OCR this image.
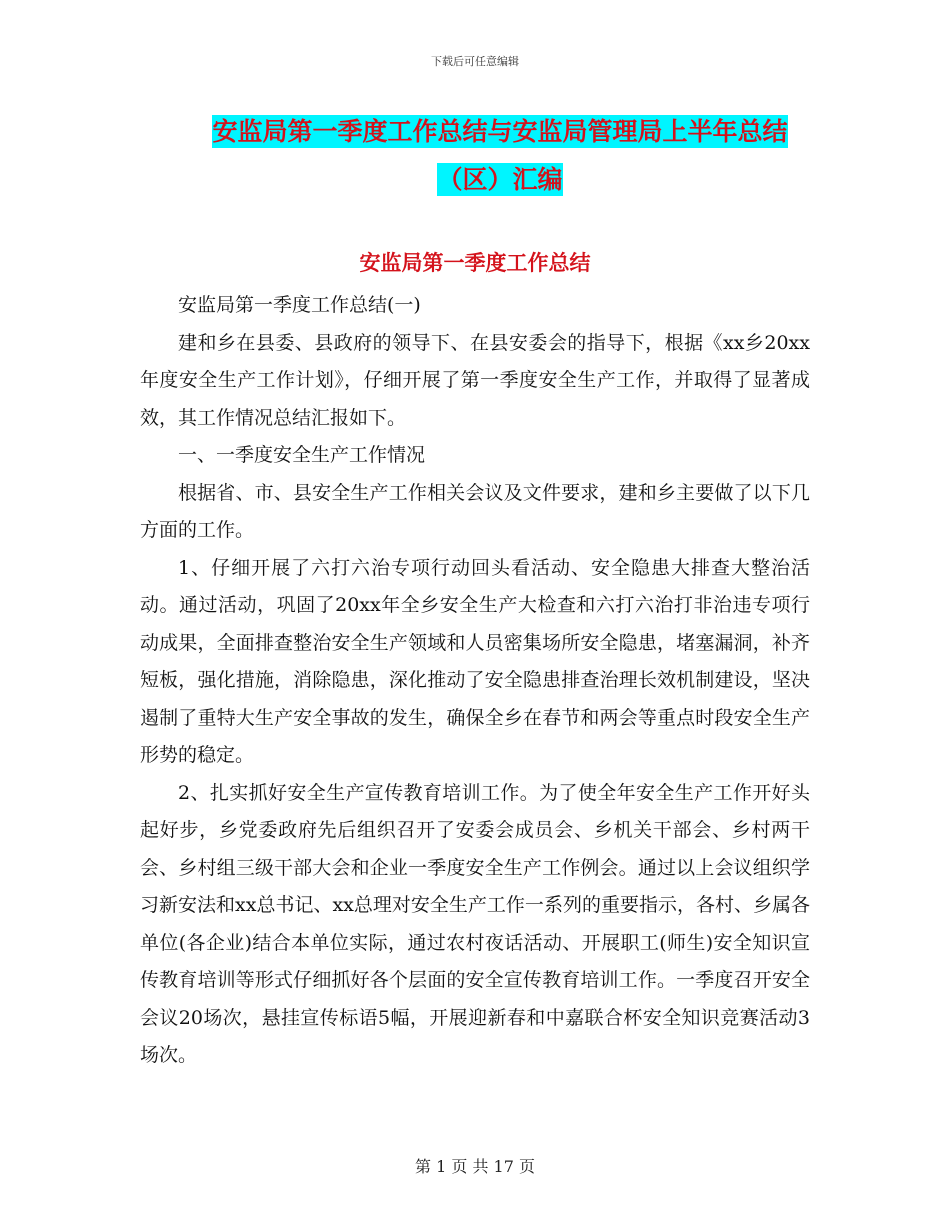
下载后可任意编辑
安监局第一季度工作总结与安监局管理局上半年总结
（区）汇编
安监局第一季度工作总结

安监局第一季度工作总结(一)

建和乡在县委、县政府的领导下、在县安委会的指导下，根据《xx乡20xx年度安全生产工作计划》，仔细开展了第一季度安全生产工作，并取得了显著成效，其工作情况总结汇报如下。

一、一季度安全生产工作情况

根据省、市、县安全生产工作相关会议及文件要求，建和乡主要做了以下几方面的工作。

1、仔细开展了六打六治专项行动回头看活动、安全隐患大排查大整治活动。通过活动，巩固了20xx年全乡安全生产大检查和六打六治打非治违专项行动成果，全面排查整治安全生产领域和人员密集场所安全隐患，堵塞漏洞，补齐短板，强化措施，消除隐患，深化推动了安全隐患排查治理长效机制建设，坚决遏制了重特大生产安全事故的发生，确保全乡在春节和两会等重点时段安全生产形势的稳定。

2、扎实抓好安全生产宣传教育培训工作。为了使全年安全生产工作开好头起好步，乡党委政府先后组织召开了安委会成员会、乡机关干部会、乡村两干会、乡村组三级干部大会和企业一季度安全生产工作例会。通过以上会议组织学习新安法和xx总书记、xx总理对安全生产工作一系列的重要指示，各村、乡属各单位(各企业)结合本单位实际，通过农村夜话活动、开展职工(师生)安全知识宣传教育培训等形式仔细抓好各个层面的安全宣传教育培训工作。一季度召开安全会议20场次，悬挂宣传标语5幅，开展迎新春和中嘉联合杯安全知识竞赛活动3场次。

第 1 页 共 17 页
